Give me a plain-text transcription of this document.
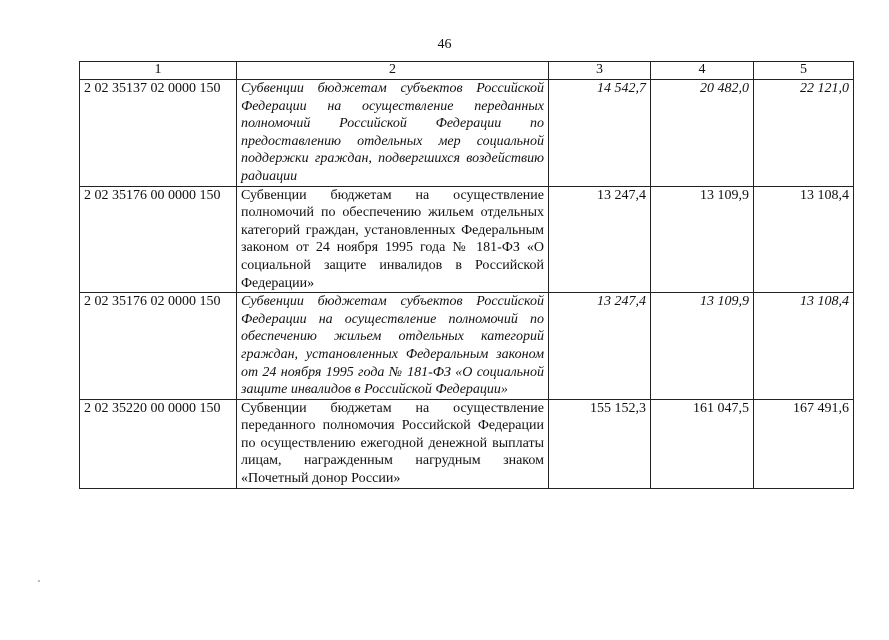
46
1	2	3	4	5
2 02 35137 02 0000 150	Субвенции бюджетам субъектов Российской Федерации на осуществление переданных полномочий Российской Федерации по предоставлению отдельных мер социальной поддержки граждан, подвергшихся воздействию радиации	14 542,7	20 482,0	22 121,0
2 02 35176 00 0000 150	Субвенции бюджетам на осуществление полномочий по обеспечению жильем отдельных категорий граждан, установленных Федеральным законом от 24 ноября 1995 года № 181-ФЗ «О социальной защите инвалидов в Российской Федерации»	13 247,4	13 109,9	13 108,4
2 02 35176 02 0000 150	Субвенции бюджетам субъектов Российской Федерации на осуществление полномочий по обеспечению жильем отдельных категорий граждан, установленных Федеральным законом от 24 ноября 1995 года № 181-ФЗ «О социальной защите инвалидов в Российской Федерации»	13 247,4	13 109,9	13 108,4
2 02 35220 00 0000 150	Субвенции бюджетам на осуществление переданного полномочия Российской Федерации по осуществлению ежегодной денежной выплаты лицам, награжденным нагрудным знаком «Почетный донор России»	155 152,3	161 047,5	167 491,6
